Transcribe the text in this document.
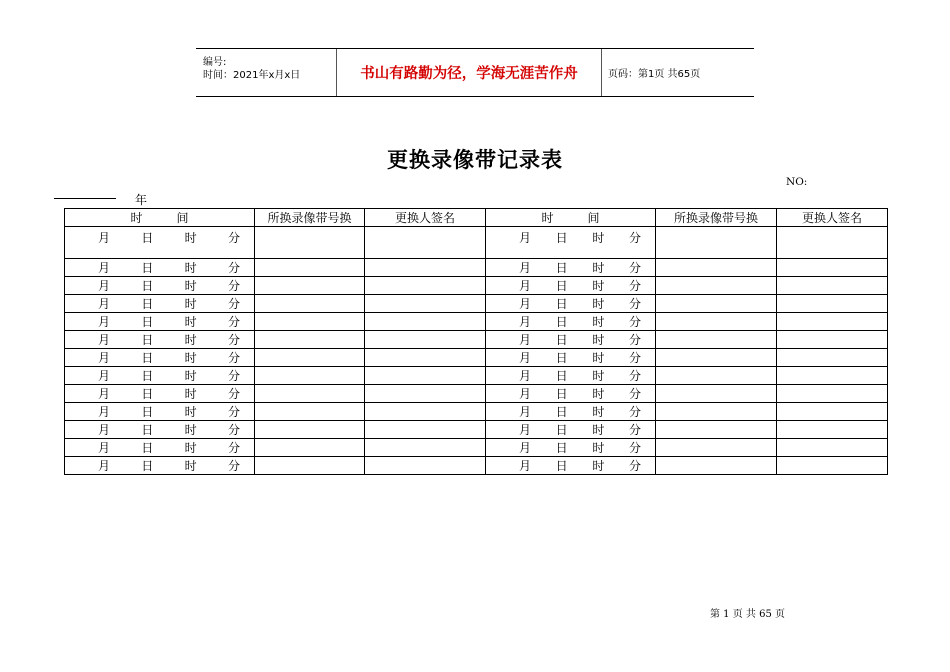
编号:
时间：2021年x月x日	书山有路勤为径，学海无涯苦作舟	页码：第1页 共65页
更换录像带记录表
NO:
年
时 间	所换录像带号换	更换人签名	时 间	所换录像带号换	更换人签名

月 日 时 分			月 日 时 分		

月 日 时 分			月 日 时 分		

月 日 时 分			月 日 时 分		

月 日 时 分			月 日 时 分		

月 日 时 分			月 日 时 分		

月 日 时 分			月 日 时 分		

月 日 时 分			月 日 时 分		

月 日 时 分			月 日 时 分		

月 日 时 分			月 日 时 分		

月 日 时 分			月 日 时 分		

月 日 时 分			月 日 时 分		

月 日 时 分			月 日 时 分		

月 日 时 分			月 日 时 分		

第 1 页 共 65 页
